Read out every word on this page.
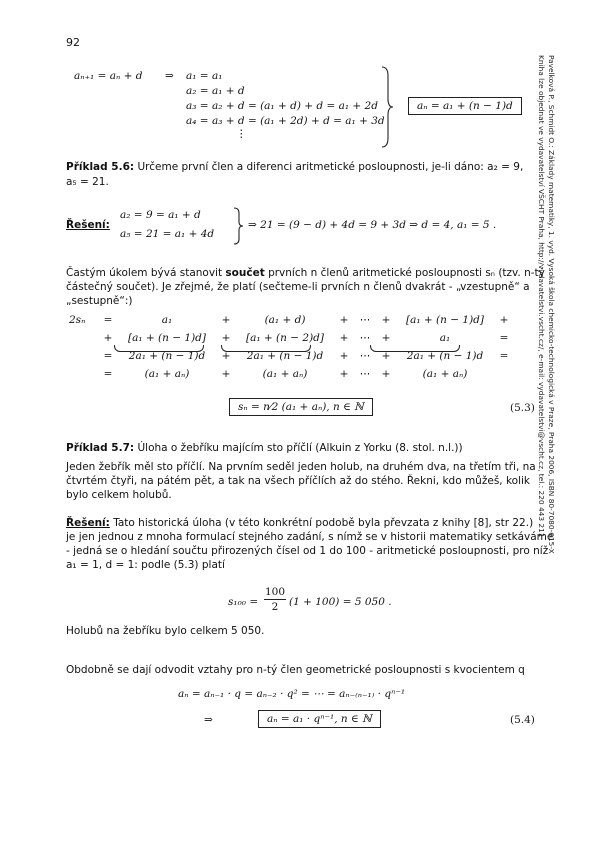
92
Pavelková P., Schmidt O.: Základy matematiky, 1. vyd. Vysoká škola chemicko-technologická v Praze, Praha 2006, ISBN 80-7080-615-X
Kniha lze objednat ve vydavatelství VŠCHT Praha, http://vydavatelstvi.vscht.cz/, e-mail: vydavatelstvi@vscht.cz, tel.: 220 443 211
aₙ₊₁ = aₙ + d ⇒ a₁ = a₁
a₂ = a₁ + d
a₃ = a₂ + d = (a₁ + d) + d = a₁ + 2d
a₄ = a₃ + d = (a₁ + 2d) + d = a₁ + 3d
⋮
aₙ = a₁ + (n − 1)d
Příklad 5.6: Určeme první člen a diferenci aritmetické posloupnosti, je-li dáno: a₂ = 9,
a₅ = 21.
Řešení:
a₂ = 9 = a₁ + d
a₅ = 21 = a₁ + 4d
⇒ 21 = (9 − d) + 4d = 9 + 3d ⇒ d = 4, a₁ = 5 .
Častým úkolem bývá stanovit součet prvních n členů aritmetické posloupnosti sₙ (tzv. n-tý
částečný součet). Je zřejmé, že platí (sečteme-li prvních n členů dvakrát - „vzestupně“ a
„sestupně“:)
2sₙ	=	a₁	+	(a₁ + d)	+	⋯	+	[a₁ + (n − 1)d]	+
	+	[a₁ + (n − 1)d]	+	[a₁ + (n − 2)d]	+	⋯	+	a₁	=
	=	2a₁ + (n − 1)d	+	2a₁ + (n − 1)d	+	⋯	+	2a₁ + (n − 1)d	=
	=	(a₁ + aₙ)	+	(a₁ + aₙ)	+	⋯	+	(a₁ + aₙ)	
sₙ = n⁄2 (a₁ + aₙ), n ∈ ℕ	(5.3)
Příklad 5.7: Úloha o žebříku majícím sto příčlí (Alkuin z Yorku (8. stol. n.l.))
Jeden žebřík měl sto příčlí. Na prvním seděl jeden holub, na druhém dva, na třetím tři, na
čtvrtém čtyři, na pátém pět, a tak na všech příčlích až do stého. Řekni, kdo můžeš, kolik
bylo celkem holubů.
Řešení: Tato historická úloha (v této konkrétní podobě byla převzata z knihy [8], str 22.)
je jen jednou z mnoha formulací stejného zadání, s nímž se v historii matematiky setkáváme
- jedná se o hledání součtu přirozených čísel od 1 do 100 - aritmetické posloupnosti, pro níž
a₁ = 1, d = 1: podle (5.3) platí
s₁₀₀ =
100
2	(1 + 100) = 5 050 .
Holubů na žebříku bylo celkem 5 050.
Obdobně se dají odvodit vztahy pro n-tý člen geometrické posloupnosti s kvocientem q
aₙ = aₙ₋₁ · q = aₙ₋₂ · q² = ⋯ = aₙ₋₍ₙ₋₁₎ · qⁿ⁻¹
⇒	aₙ = a₁ · qⁿ⁻¹, n ∈ ℕ	(5.4)
